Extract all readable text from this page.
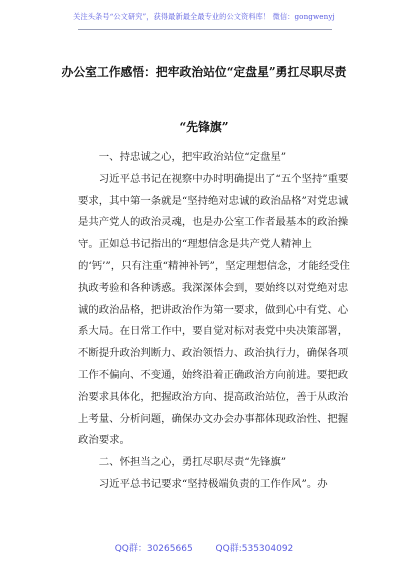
关注头条号“公文研究”，获得最新最全最专业的公文资料库！ 微信：gongwenyj
办公室工作感悟：把牢政治站位“定盘星”勇扛尽职尽责
“先锋旗”

一、持忠诚之心，把牢政治站位“定盘星”

习近平总书记在视察中办时明确提出了“五个坚持”重要要求，其中第一条就是“坚持绝对忠诚的政治品格”对党忠诚是共产党人的政治灵魂，也是办公室工作者最基本的政治操守。正如总书记指出的“理想信念是共产党人精神上的‘钙’”，只有注重“精神补钙”，坚定理想信念，才能经受住执政考验和各种诱惑。我深深体会到，要始终以对党绝对忠诚的政治品格，把讲政治作为第一要求，做到心中有党、心系大局。在日常工作中，要自觉对标对表党中央决策部署，不断提升政治判断力、政治领悟力、政治执行力，确保各项工作不偏向、不变通，始终沿着正确政治方向前进。要把政治要求具体化，把握政治方向、提高政治站位，善于从政治上考量、分析问题，确保办文办会办事都体现政治性、把握政治要求。

二、怀担当之心，勇扛尽职尽责“先锋旗”

习近平总书记要求“坚持极端负责的工作作风”。办

QQ群：30265665	QQ群:535304092
